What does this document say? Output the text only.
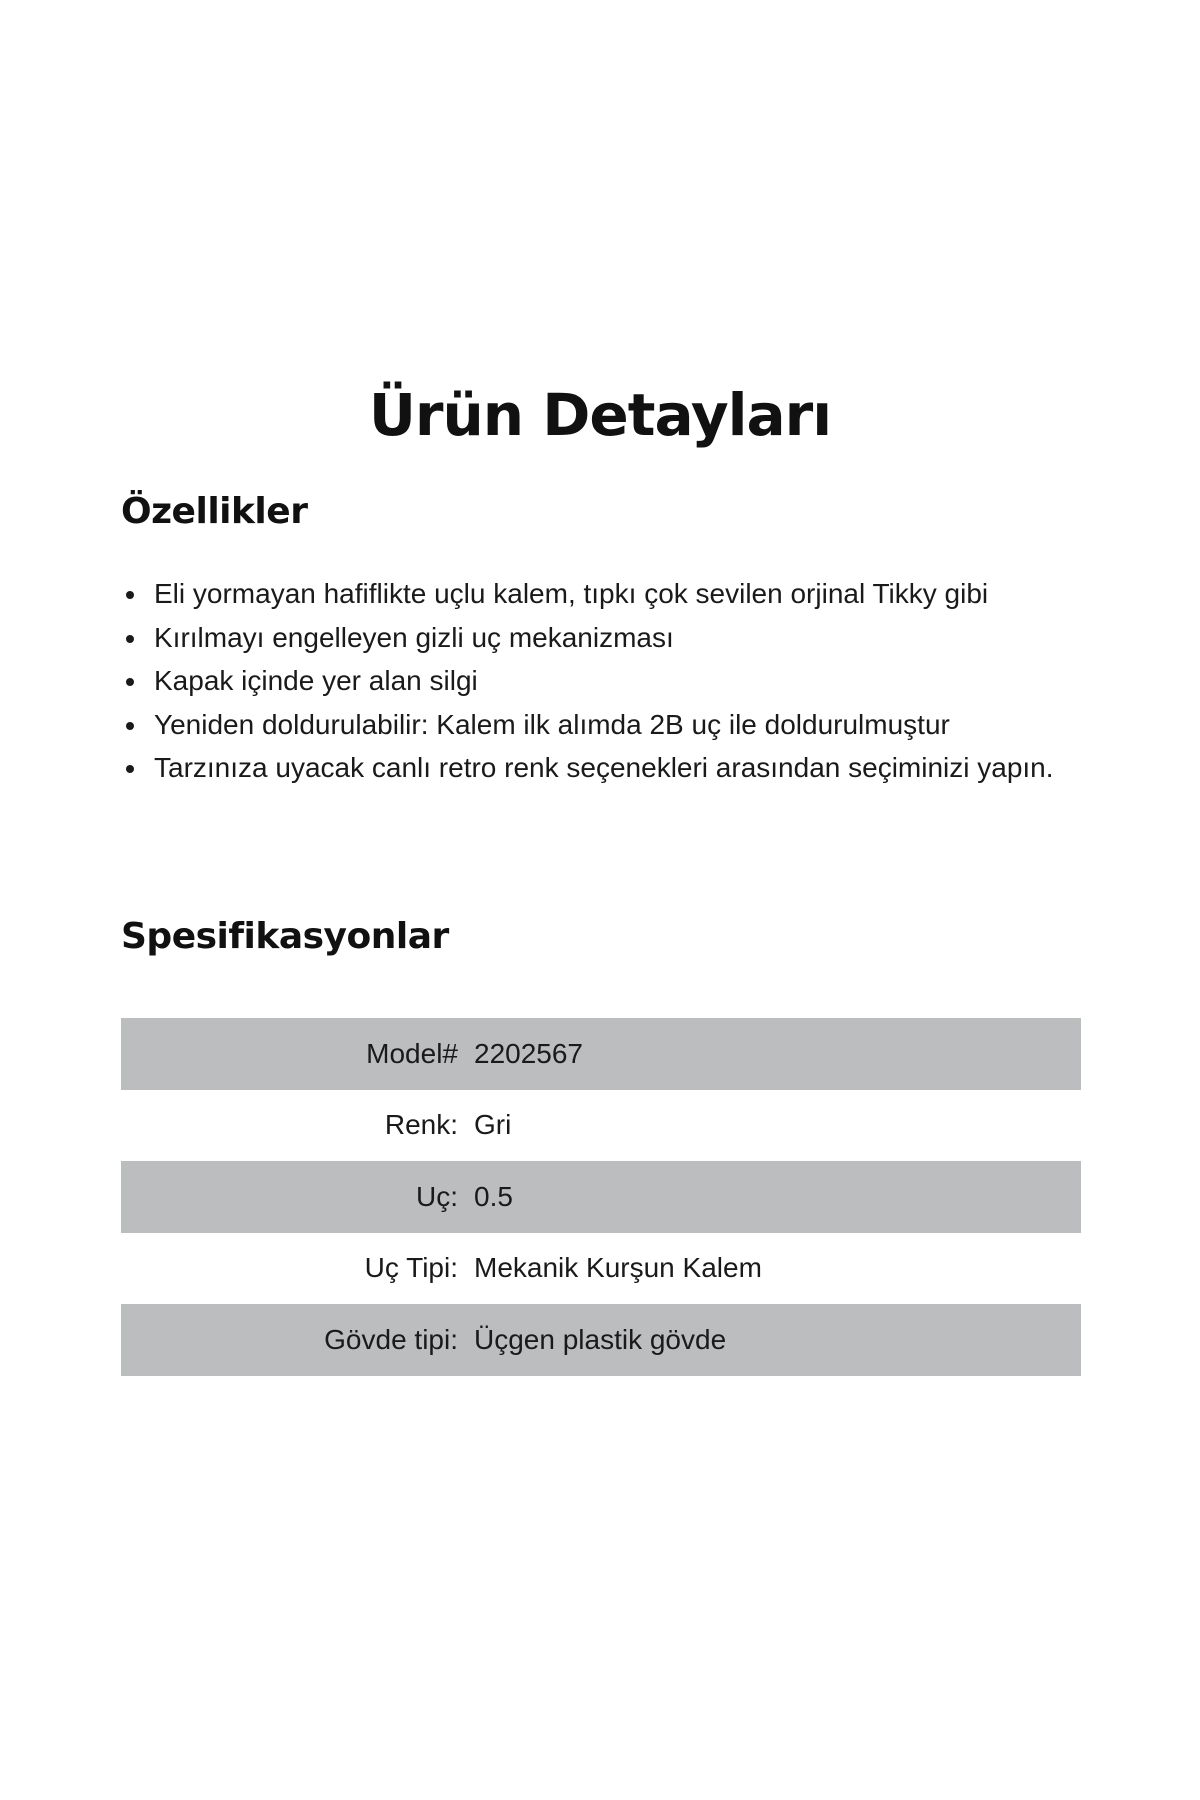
Ürün Detayları
Özellikler
Eli yormayan hafiflikte uçlu kalem, tıpkı çok sevilen orjinal Tikky gibi
Kırılmayı engelleyen gizli uç mekanizması
Kapak içinde yer alan silgi
Yeniden doldurulabilir: Kalem ilk alımda 2B uç ile doldurulmuştur
Tarzınıza uyacak canlı retro renk seçenekleri arasından seçiminizi yapın.
Spesifikasyonlar
Model#	2202567
Renk:	Gri
Uç:	0.5
Uç Tipi:	Mekanik Kurşun Kalem
Gövde tipi:	Üçgen plastik gövde
